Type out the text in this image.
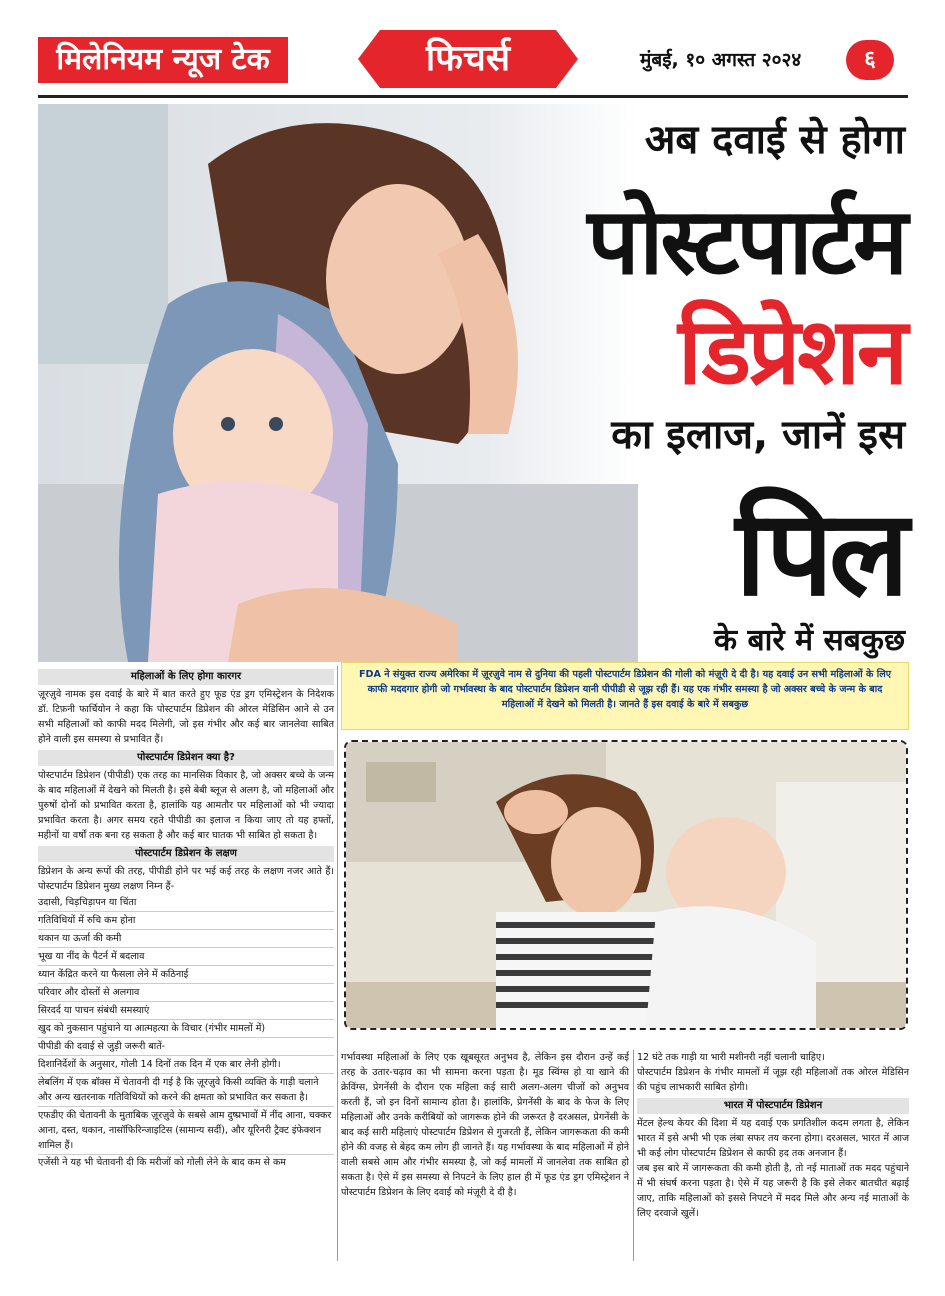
मिलेनियम न्यूज टेक	फिचर्स	मुंबई, १० अगस्त २०२४	६
अब दवाई से होगा
पोस्टपार्टम
डिप्रेशन
का इलाज, जानें इस
पिल
के बारे में सबकुछ
महिलाओं के लिए होगा कारगर
ज़ूरज़ुवे नामक इस दवाई के बारे में बात करते हुए फूड एंड ड्रग एमिस्ट्रेशन के निदेशक डॉ. टिफ़नी फार्चियोन ने कहा कि पोस्टपार्टम डिप्रेशन की ओरल मेडिसिन आने से उन सभी महिलाओं को काफी मदद मिलेगी, जो इस गंभीर और कई बार जानलेवा साबित होने वाली इस समस्या से प्रभावित हैं।
पोस्टपार्टम डिप्रेशन क्या है?
पोस्टपार्टम डिप्रेशन (पीपीडी) एक तरह का मानसिक विकार है, जो अक्सर बच्चे के जन्म के बाद महिलाओं में देखने को मिलती है। इसे बेबी ब्लूज से अलग है, जो महिलाओं और पुरुषों दोनों को प्रभावित करता है, हालांकि यह आमतौर पर महिलाओं को भी ज्यादा प्रभावित करता है। अगर समय रहते पीपीडी का इलाज न किया जाए तो यह हफ्तों, महीनों या वर्षों तक बना रह सकता है और कई बार घातक भी साबित हो सकता है।
पोस्टपार्टम डिप्रेशन के लक्षण
डिप्रेशन के अन्य रूपों की तरह, पीपीडी होने पर भई कई तरह के लक्षण नजर आते हैं। पोस्टपार्टम डिप्रेशन मुख्य लक्षण निम्न हैं-
उदासी, चिड़चिड़ापन या चिंता
गतिविधियों में रुचि कम होना
थकान या ऊर्जा की कमी
भूख या नींद के पैटर्न में बदलाव
ध्यान केंद्रित करने या फैसला लेने में कठिनाई
परिवार और दोस्तों से अलगाव
सिरदर्द या पाचन संबंधी समस्याएं
खुद को नुकसान पहुंचाने या आत्महत्या के विचार (गंभीर मामलों में)
पीपीडी की दवाई से जुड़ी जरूरी बातें-
दिशानिर्देशों के अनुसार, गोली 14 दिनों तक दिन में एक बार लेनी होगी।
लेबलिंग में एक बॉक्स में चेतावनी दी गई है कि ज़ूरज़ुवे किसी व्यक्ति के गाड़ी चलाने और अन्य खतरनाक गतिविधियों को करने की क्षमता को प्रभावित कर सकता है।
एफडीए की चेतावनी के मुताबिक ज़ूरज़ुवे के सबसे आम दुष्प्रभावों में नींद आना, चक्कर आना, दस्त, थकान, नासॉफिरिन्जाइटिस (सामान्य सर्दी), और यूरिनरी ट्रैक्ट इंफेक्शन शामिल हैं।
एजेंसी ने यह भी चेतावनी दी कि मरीजों को गोली लेने के बाद कम से कम
FDA ने संयुक्त राज्य अमेरिका में ज़ूरज़ुवे नाम से दुनिया की पहली पोस्टपार्टम डिप्रेशन की गोली को मंज़ूरी दे दी है। यह दवाई उन सभी महिलाओं के लिए काफी मददगार होगी जो गर्भावस्था के बाद पोस्टपार्टम डिप्रेशन यानी पीपीडी से जूझ रही हैं। यह एक गंभीर समस्या है जो अक्सर बच्चे के जन्म के बाद महिलाओं में देखने को मिलती है। जानते हैं इस दवाई के बारे में सबकुछ
गर्भावस्था महिलाओं के लिए एक खूबसूरत अनुभव है, लेकिन इस दौरान उन्हें कई तरह के उतार-चढ़ाव का भी सामना करना पड़ता है। मूड स्विंग्स हो या खाने की क्रेविंग्स, प्रेगनेंसी के दौरान एक महिला कई सारी अलग-अलग चीजों को अनुभव करती हैं, जो इन दिनों सामान्य होता है। हालांकि, प्रेगनेंसी के बाद के फेज के लिए महिलाओं और उनके करीबियों को जागरूक होने की जरूरत है दरअसल, प्रेगनेंसी के बाद कई सारी महिलाएं पोस्टपार्टम डिप्रेशन से गुजरती हैं, लेकिन जागरूकता की कमी होने की वजह से बेहद कम लोग ही जानते हैं। यह गर्भावस्था के बाद महिलाओं में होने वाली सबसे आम और गंभीर समस्या है, जो कई मामलों में जानलेवा तक साबित हो सकता है। ऐसे में इस समस्या से निपटने के लिए हाल ही में फूड एंड ड्रग एमिस्ट्रेशन ने पोस्टपार्टम डिप्रेशन के लिए दवाई को मंज़ूरी दे दी है।
12 घंटे तक गाड़ी या भारी मशीनरी नहीं चलानी चाहिए।
पोस्टपार्टम डिप्रेशन के गंभीर मामलों में जूझ रही महिलाओं तक ओरल मेडिसिन की पहुंच लाभकारी साबित होगी।
भारत में पोस्टपार्टम डिप्रेशन
मेंटल हेल्थ केयर की दिशा में यह दवाई एक प्रगतिशील कदम लगता है, लेकिन भारत में इसे अभी भी एक लंबा सफर तय करना होगा। दरअसल, भारत में आज भी कई लोग पोस्टपार्टम डिप्रेशन से काफी हद तक अनजान हैं।
जब इस बारे में जागरूकता की कमी होती है, तो नई माताओं तक मदद पहुंचाने में भी संघर्ष करना पड़ता है। ऐसे में यह जरूरी है कि इसे लेकर बातचीत बढ़ाई जाए, ताकि महिलाओं को इससे निपटने में मदद मिले और अन्य नई माताओं के लिए दरवाजे खुलें।
